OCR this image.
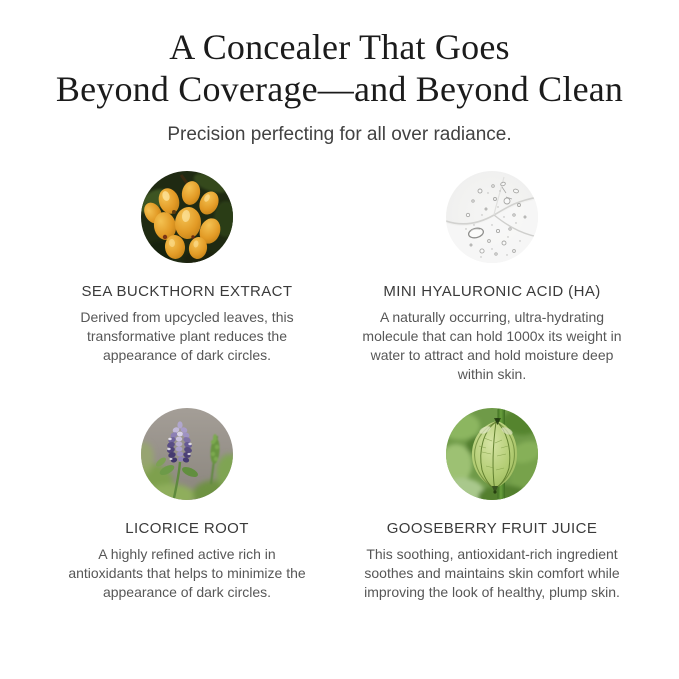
A Concealer That Goes
Beyond Coverage—and Beyond Clean
Precision perfecting for all over radiance.
SEA BUCKTHORN EXTRACT

Derived from upcycled leaves, this transformative plant reduces the appearance of dark circles.

MINI HYALURONIC ACID (HA)

A naturally occurring, ultra-hydrating molecule that can hold 1000x its weight in water to attract and hold moisture deep within skin.

LICORICE ROOT

A highly refined active rich in antioxidants that helps to minimize the appearance of dark circles.

GOOSEBERRY FRUIT JUICE

This soothing, antioxidant-rich ingredient soothes and maintains skin comfort while improving the look of healthy, plump skin.
